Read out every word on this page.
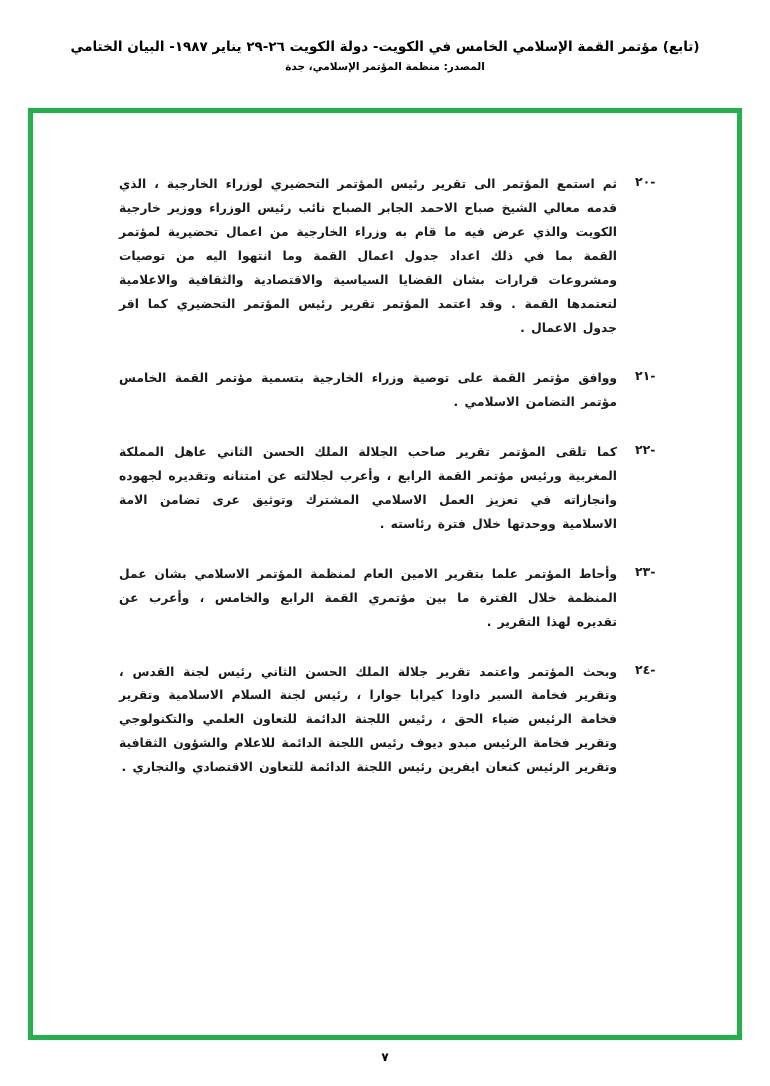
(تابع) مؤتمر القمة الإسلامي الخامس في الكويت- دولة الكويت ٢٦-٢٩ يناير ١٩٨٧- البيان الختامي
المصدر: ‏منظمة المؤتمر الإسلامي، جدة
-٢٠

ثم استمع المؤتمر الى تقرير رئيس المؤتمر التحضيري لوزراء الخارجية ، الذي قدمه معالي الشيخ صباح الاحمد الجابر الصباح نائب رئيس الوزراء ووزير خارجية الكويت والذي عرض فيه ما قام به وزراء الخارجية من اعمال تحضيرية لمؤتمر القمة بما في ذلك اعداد جدول اعمال القمة وما انتهوا اليه من توصيات ومشروعات قرارات بشان القضايا السياسية والاقتصادية والثقافية والاعلامية لتعتمدها القمة . وقد اعتمد المؤتمر تقرير رئيس المؤتمر التحضيري كما اقر جدول الاعمال .

-٢١

ووافق مؤتمر القمة على توصية وزراء الخارجية بتسمية مؤتمر القمة الخامس مؤتمر التضامن الاسلامي .

-٢٢

كما تلقى المؤتمر تقرير صاحب الجلالة الملك الحسن الثاني عاهل المملكة المغربية ورئيس مؤتمر القمة الرابع ، وأعرب لجلالته عن امتنانه وتقديره لجهوده وانجازاته في تعزيز العمل الاسلامي المشترك وتوثيق عرى تضامن الامة الاسلامية ووحدتها خلال فترة رئاسته .

-٢٣

وأحاط المؤتمر علما بتقرير الامين العام لمنظمة المؤتمر الاسلامي بشان عمل المنظمة خلال الفترة ما بين مؤتمري القمة الرابع والخامس ، وأعرب عن تقديره لهذا التقرير .

-٢٤

وبحث المؤتمر واعتمد تقرير جلالة الملك الحسن الثاني رئيس لجنة القدس ، وتقرير فخامة السير داودا كيرابا جوارا ، رئيس لجنة السلام الاسلامية وتقرير فخامة الرئيس ضياء الحق ، رئيس اللجنة الدائمة للتعاون العلمي والتكنولوجي وتقرير فخامة الرئيس مبدو ديوف رئيس اللجنة الدائمة للاعلام والشؤون الثقافية وتقرير الرئيس كنعان ايفرين رئيس اللجنة الدائمة للتعاون الاقتصادي والتجاري .

٧
